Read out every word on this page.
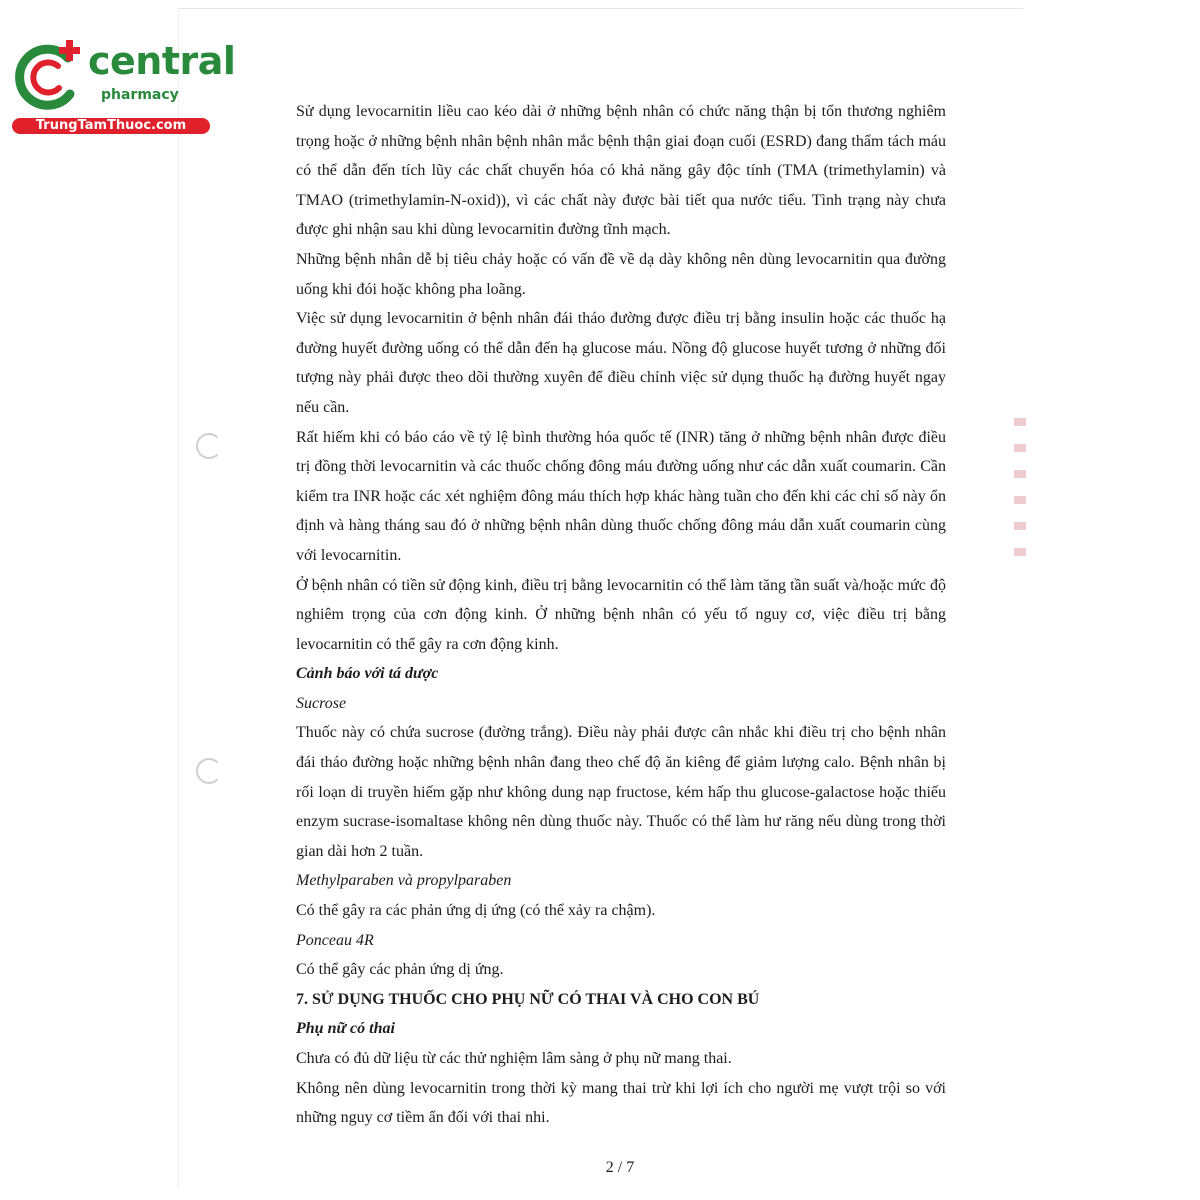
central
pharmacy
TrungTamThuoc.com

Sử dụng levocarnitin liều cao kéo dài ở những bệnh nhân có chức năng thận bị tổn thương nghiêm trọng hoặc ở những bệnh nhân bệnh nhân mắc bệnh thận giai đoạn cuối (ESRD) đang thẩm tách máu có thể dẫn đến tích lũy các chất chuyển hóa có khả năng gây độc tính (TMA (trimethylamin) và TMAO (trimethylamin-N-oxid)), vì các chất này được bài tiết qua nước tiểu. Tình trạng này chưa được ghi nhận sau khi dùng levocarnitin đường tĩnh mạch.

Những bệnh nhân dễ bị tiêu chảy hoặc có vấn đề về dạ dày không nên dùng levocarnitin qua đường uống khi đói hoặc không pha loãng.

Việc sử dụng levocarnitin ở bệnh nhân đái tháo đường được điều trị bằng insulin hoặc các thuốc hạ đường huyết đường uống có thể dẫn đến hạ glucose máu. Nồng độ glucose huyết tương ở những đối tượng này phải được theo dõi thường xuyên để điều chỉnh việc sử dụng thuốc hạ đường huyết ngay nếu cần.

Rất hiếm khi có báo cáo về tỷ lệ bình thường hóa quốc tế (INR) tăng ở những bệnh nhân được điều trị đồng thời levocarnitin và các thuốc chống đông máu đường uống như các dẫn xuất coumarin. Cần kiểm tra INR hoặc các xét nghiệm đông máu thích hợp khác hàng tuần cho đến khi các chỉ số này ổn định và hàng tháng sau đó ở những bệnh nhân dùng thuốc chống đông máu dẫn xuất coumarin cùng với levocarnitin.

Ở bệnh nhân có tiền sử động kinh, điều trị bằng levocarnitin có thể làm tăng tần suất và/hoặc mức độ nghiêm trọng của cơn động kinh. Ở những bệnh nhân có yếu tố nguy cơ, việc điều trị bằng levocarnitin có thể gây ra cơn động kinh.

Cảnh báo với tá dược

Sucrose

Thuốc này có chứa sucrose (đường trắng). Điều này phải được cân nhắc khi điều trị cho bệnh nhân đái tháo đường hoặc những bệnh nhân đang theo chế độ ăn kiêng để giảm lượng calo. Bệnh nhân bị rối loạn di truyền hiếm gặp như không dung nạp fructose, kém hấp thu glucose-galactose hoặc thiếu enzym sucrase-isomaltase không nên dùng thuốc này. Thuốc có thể làm hư răng nếu dùng trong thời gian dài hơn 2 tuần.

Methylparaben và propylparaben

Có thể gây ra các phản ứng dị ứng (có thể xảy ra chậm).

Ponceau 4R

Có thể gây các phản ứng dị ứng.

7. SỬ DỤNG THUỐC CHO PHỤ NỮ CÓ THAI VÀ CHO CON BÚ

Phụ nữ có thai

Chưa có đủ dữ liệu từ các thử nghiệm lâm sàng ở phụ nữ mang thai.

Không nên dùng levocarnitin trong thời kỳ mang thai trừ khi lợi ích cho người mẹ vượt trội so với những nguy cơ tiềm ẩn đối với thai nhi.

2 / 7
